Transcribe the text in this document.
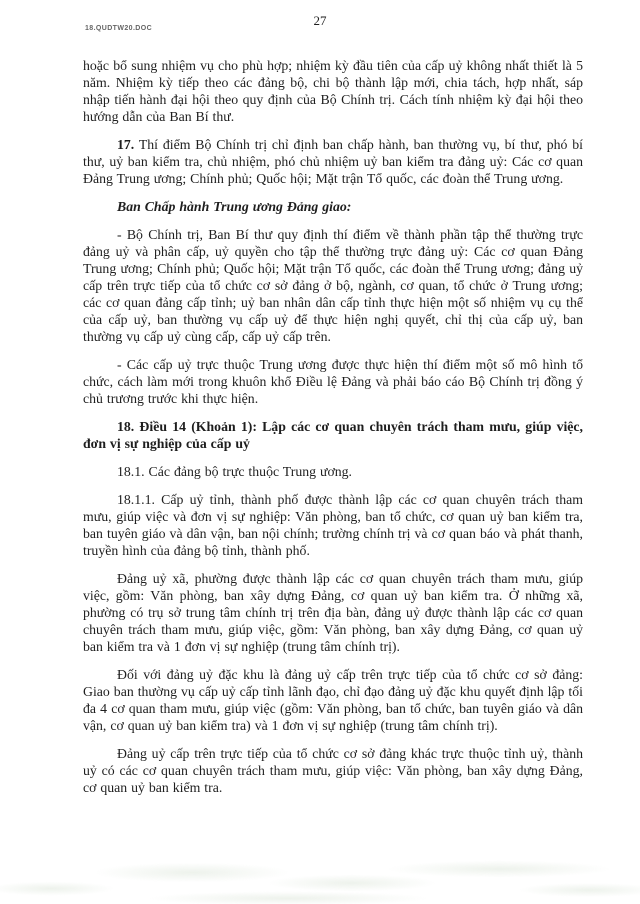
18.QUDTW20.DOC
27

hoặc bổ sung nhiệm vụ cho phù hợp; nhiệm kỳ đầu tiên của cấp uỷ không nhất thiết là 5 năm. Nhiệm kỳ tiếp theo các đảng bộ, chi bộ thành lập mới, chia tách, hợp nhất, sáp nhập tiến hành đại hội theo quy định của Bộ Chính trị. Cách tính nhiệm kỳ đại hội theo hướng dẫn của Ban Bí thư.

17. Thí điểm Bộ Chính trị chỉ định ban chấp hành, ban thường vụ, bí thư, phó bí thư, uỷ ban kiểm tra, chủ nhiệm, phó chủ nhiệm uỷ ban kiểm tra đảng uỷ: Các cơ quan Đảng Trung ương; Chính phủ; Quốc hội; Mặt trận Tổ quốc, các đoàn thể Trung ương.

Ban Chấp hành Trung ương Đảng giao:

- Bộ Chính trị, Ban Bí thư quy định thí điểm về thành phần tập thể thường trực đảng uỷ và phân cấp, uỷ quyền cho tập thể thường trực đảng uỷ: Các cơ quan Đảng Trung ương; Chính phủ; Quốc hội; Mặt trận Tổ quốc, các đoàn thể Trung ương; đảng uỷ cấp trên trực tiếp của tổ chức cơ sở đảng ở bộ, ngành, cơ quan, tổ chức ở Trung ương; các cơ quan đảng cấp tỉnh; uỷ ban nhân dân cấp tỉnh thực hiện một số nhiệm vụ cụ thể của cấp uỷ, ban thường vụ cấp uỷ để thực hiện nghị quyết, chỉ thị của cấp uỷ, ban thường vụ cấp uỷ cùng cấp, cấp uỷ cấp trên.

- Các cấp uỷ trực thuộc Trung ương được thực hiện thí điểm một số mô hình tổ chức, cách làm mới trong khuôn khổ Điều lệ Đảng và phải báo cáo Bộ Chính trị đồng ý chủ trương trước khi thực hiện.

18. Điều 14 (Khoản 1): Lập các cơ quan chuyên trách tham mưu, giúp việc, đơn vị sự nghiệp của cấp uỷ

18.1. Các đảng bộ trực thuộc Trung ương.

18.1.1. Cấp uỷ tỉnh, thành phố được thành lập các cơ quan chuyên trách tham mưu, giúp việc và đơn vị sự nghiệp: Văn phòng, ban tổ chức, cơ quan uỷ ban kiểm tra, ban tuyên giáo và dân vận, ban nội chính; trường chính trị và cơ quan báo và phát thanh, truyền hình của đảng bộ tỉnh, thành phố.

Đảng uỷ xã, phường được thành lập các cơ quan chuyên trách tham mưu, giúp việc, gồm: Văn phòng, ban xây dựng Đảng, cơ quan uỷ ban kiểm tra. Ở những xã, phường có trụ sở trung tâm chính trị trên địa bàn, đảng uỷ được thành lập các cơ quan chuyên trách tham mưu, giúp việc, gồm: Văn phòng, ban xây dựng Đảng, cơ quan uỷ ban kiểm tra và 1 đơn vị sự nghiệp (trung tâm chính trị).

Đối với đảng uỷ đặc khu là đảng uỷ cấp trên trực tiếp của tổ chức cơ sở đảng: Giao ban thường vụ cấp uỷ cấp tỉnh lãnh đạo, chỉ đạo đảng uỷ đặc khu quyết định lập tối đa 4 cơ quan tham mưu, giúp việc (gồm: Văn phòng, ban tổ chức, ban tuyên giáo và dân vận, cơ quan uỷ ban kiểm tra) và 1 đơn vị sự nghiệp (trung tâm chính trị).

Đảng uỷ cấp trên trực tiếp của tổ chức cơ sở đảng khác trực thuộc tỉnh uỷ, thành uỷ có các cơ quan chuyên trách tham mưu, giúp việc: Văn phòng, ban xây dựng Đảng, cơ quan uỷ ban kiểm tra.
